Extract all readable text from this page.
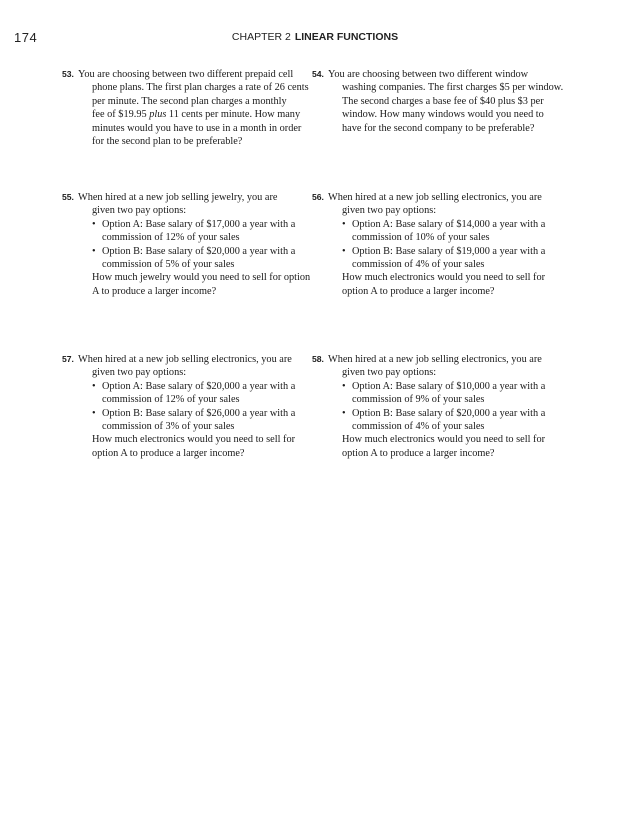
174	CHAPTER 2 LINEAR FUNCTIONS
53. You are choosing between two different prepaid cell
phone plans. The first plan charges a rate of 26 cents
per minute. The second plan charges a monthly
fee of $19.95 plus 11 cents per minute. How many
minutes would you have to use in a month in order
for the second plan to be preferable?
54. You are choosing between two different window
washing companies. The first charges $5 per window.
The second charges a base fee of $40 plus $3 per
window. How many windows would you need to
have for the second company to be preferable?
55. When hired at a new job selling jewelry, you are
given two pay options:
• Option A: Base salary of $17,000 a year with a
commission of 12% of your sales
• Option B: Base salary of $20,000 a year with a
commission of 5% of your sales
How much jewelry would you need to sell for option
A to produce a larger income?
56. When hired at a new job selling electronics, you are
given two pay options:
• Option A: Base salary of $14,000 a year with a
commission of 10% of your sales
• Option B: Base salary of $19,000 a year with a
commission of 4% of your sales
How much electronics would you need to sell for
option A to produce a larger income?
57. When hired at a new job selling electronics, you are
given two pay options:
• Option A: Base salary of $20,000 a year with a
commission of 12% of your sales
• Option B: Base salary of $26,000 a year with a
commission of 3% of your sales
How much electronics would you need to sell for
option A to produce a larger income?
58. When hired at a new job selling electronics, you are
given two pay options:
• Option A: Base salary of $10,000 a year with a
commission of 9% of your sales
• Option B: Base salary of $20,000 a year with a
commission of 4% of your sales
How much electronics would you need to sell for
option A to produce a larger income?
